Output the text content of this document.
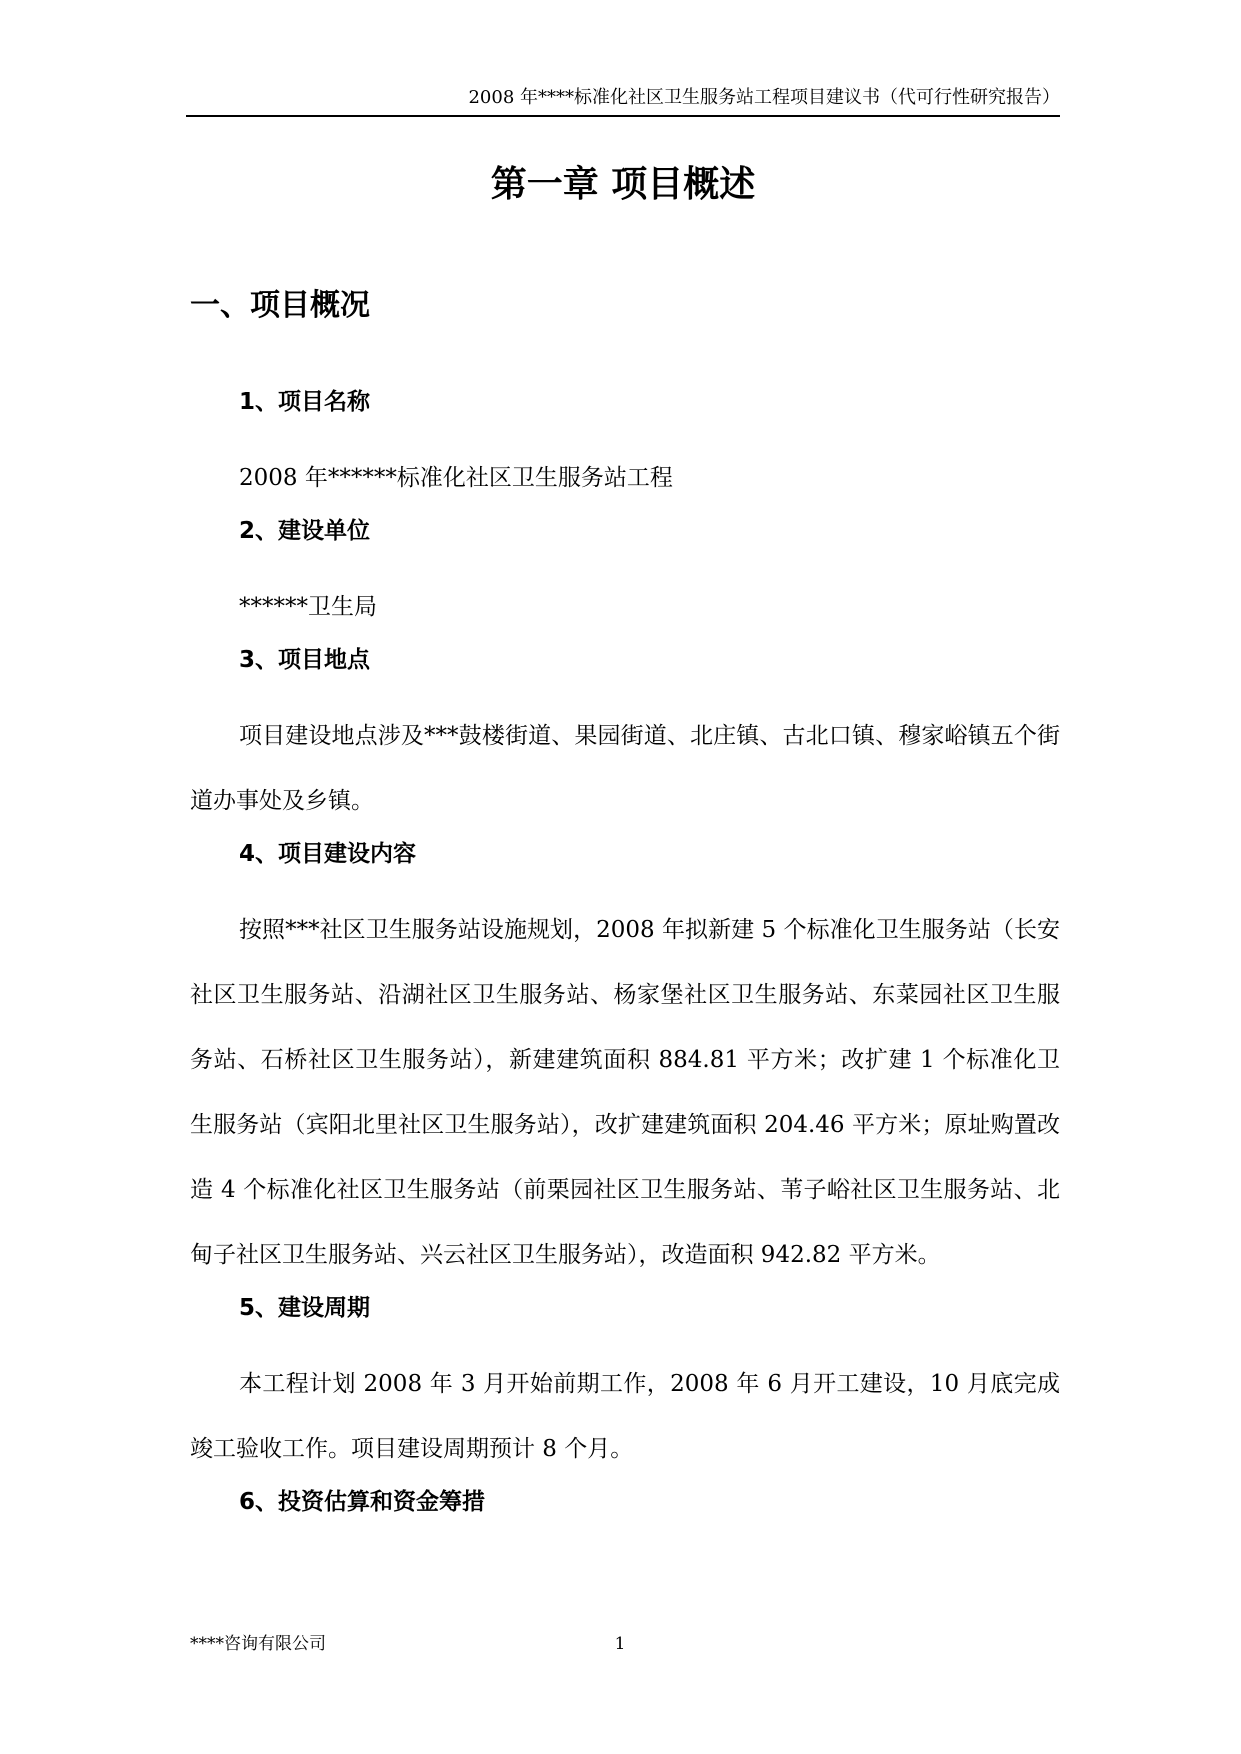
2008 年****标准化社区卫生服务站工程项目建议书（代可行性研究报告）
第一章 项目概述
一、项目概况
1、项目名称

2008 年******标准化社区卫生服务站工程

2、建设单位

******卫生局

3、项目地点

项目建设地点涉及***鼓楼街道、果园街道、北庄镇、古北口镇、穆家峪镇五个街道办事处及乡镇。

4、项目建设内容

按照***社区卫生服务站设施规划，2008 年拟新建 5 个标准化卫生服务站（长安社区卫生服务站、沿湖社区卫生服务站、杨家堡社区卫生服务站、东菜园社区卫生服务站、石桥社区卫生服务站），新建建筑面积 884.81 平方米；改扩建 1 个标准化卫生服务站（宾阳北里社区卫生服务站），改扩建建筑面积 204.46 平方米；原址购置改造 4 个标准化社区卫生服务站（前栗园社区卫生服务站、苇子峪社区卫生服务站、北甸子社区卫生服务站、兴云社区卫生服务站），改造面积 942.82 平方米。

5、建设周期

本工程计划 2008 年 3 月开始前期工作，2008 年 6 月开工建设，10 月底完成竣工验收工作。项目建设周期预计 8 个月。

6、投资估算和资金筹措
****咨询有限公司	1
